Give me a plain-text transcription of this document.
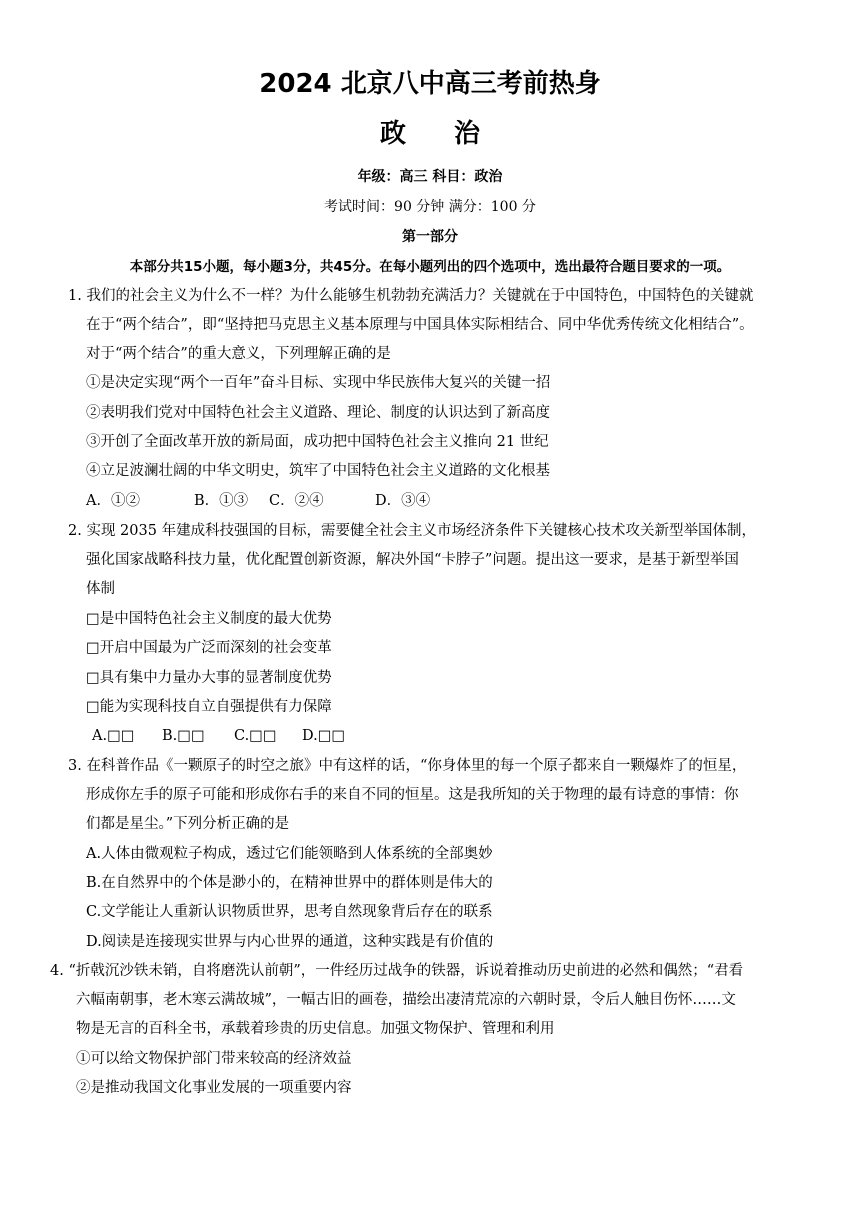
2024 北京八中高三考前热身
政治
年级：高三 科目：政治
考试时间：90 分钟 满分：100 分
第一部分
本部分共15小题，每小题3分，共45分。在每小题列出的四个选项中，选出最符合题目要求的一项。
1. 我们的社会主义为什么不一样？为什么能够生机勃勃充满活力？关键就在于中国特色，中国特色的关键就
在于“两个结合”，即“坚持把马克思主义基本原理与中国具体实际相结合、同中华优秀传统文化相结合”。
对于“两个结合”的重大意义，下列理解正确的是
①是决定实现“两个一百年”奋斗目标、实现中华民族伟大复兴的关键一招
②表明我们党对中国特色社会主义道路、理论、制度的认识达到了新高度
③开创了全面改革开放的新局面，成功把中国特色社会主义推向 21 世纪
④立足波澜壮阔的中华文明史，筑牢了中国特色社会主义道路的文化根基
A．①②	B．①③ C．②④	D．③④
2. 实现 2035 年建成科技强国的目标，需要健全社会主义市场经济条件下关键核心技术攻关新型举国体制，
强化国家战略科技力量，优化配置创新资源，解决外国“卡脖子”问题。提出这一要求，是基于新型举国
体制
□是中国特色社会主义制度的最大优势
□开启中国最为广泛而深刻的社会变革
□具有集中力量办大事的显著制度优势
□能为实现科技自立自强提供有力保障
A.□□ B.□□ C.□□ D.□□
3. 在科普作品《一颗原子的时空之旅》中有这样的话，“你身体里的每一个原子都来自一颗爆炸了的恒星，
形成你左手的原子可能和形成你右手的来自不同的恒星。这是我所知的关于物理的最有诗意的事情：你
们都是星尘。”下列分析正确的是
A.人体由微观粒子构成，透过它们能领略到人体系统的全部奥妙
B.在自然界中的个体是渺小的，在精神世界中的群体则是伟大的
C.文学能让人重新认识物质世界，思考自然现象背后存在的联系
D.阅读是连接现实世界与内心世界的通道，这种实践是有价值的
4. “折戟沉沙铁未销，自将磨洗认前朝”，一件经历过战争的铁器，诉说着推动历史前进的必然和偶然；“君看
六幅南朝事，老木寒云满故城”，一幅古旧的画卷，描绘出凄清荒凉的六朝时景，令后人触目伤怀……文
物是无言的百科全书，承载着珍贵的历史信息。加强文物保护、管理和利用
①可以给文物保护部门带来较高的经济效益
②是推动我国文化事业发展的一项重要内容
